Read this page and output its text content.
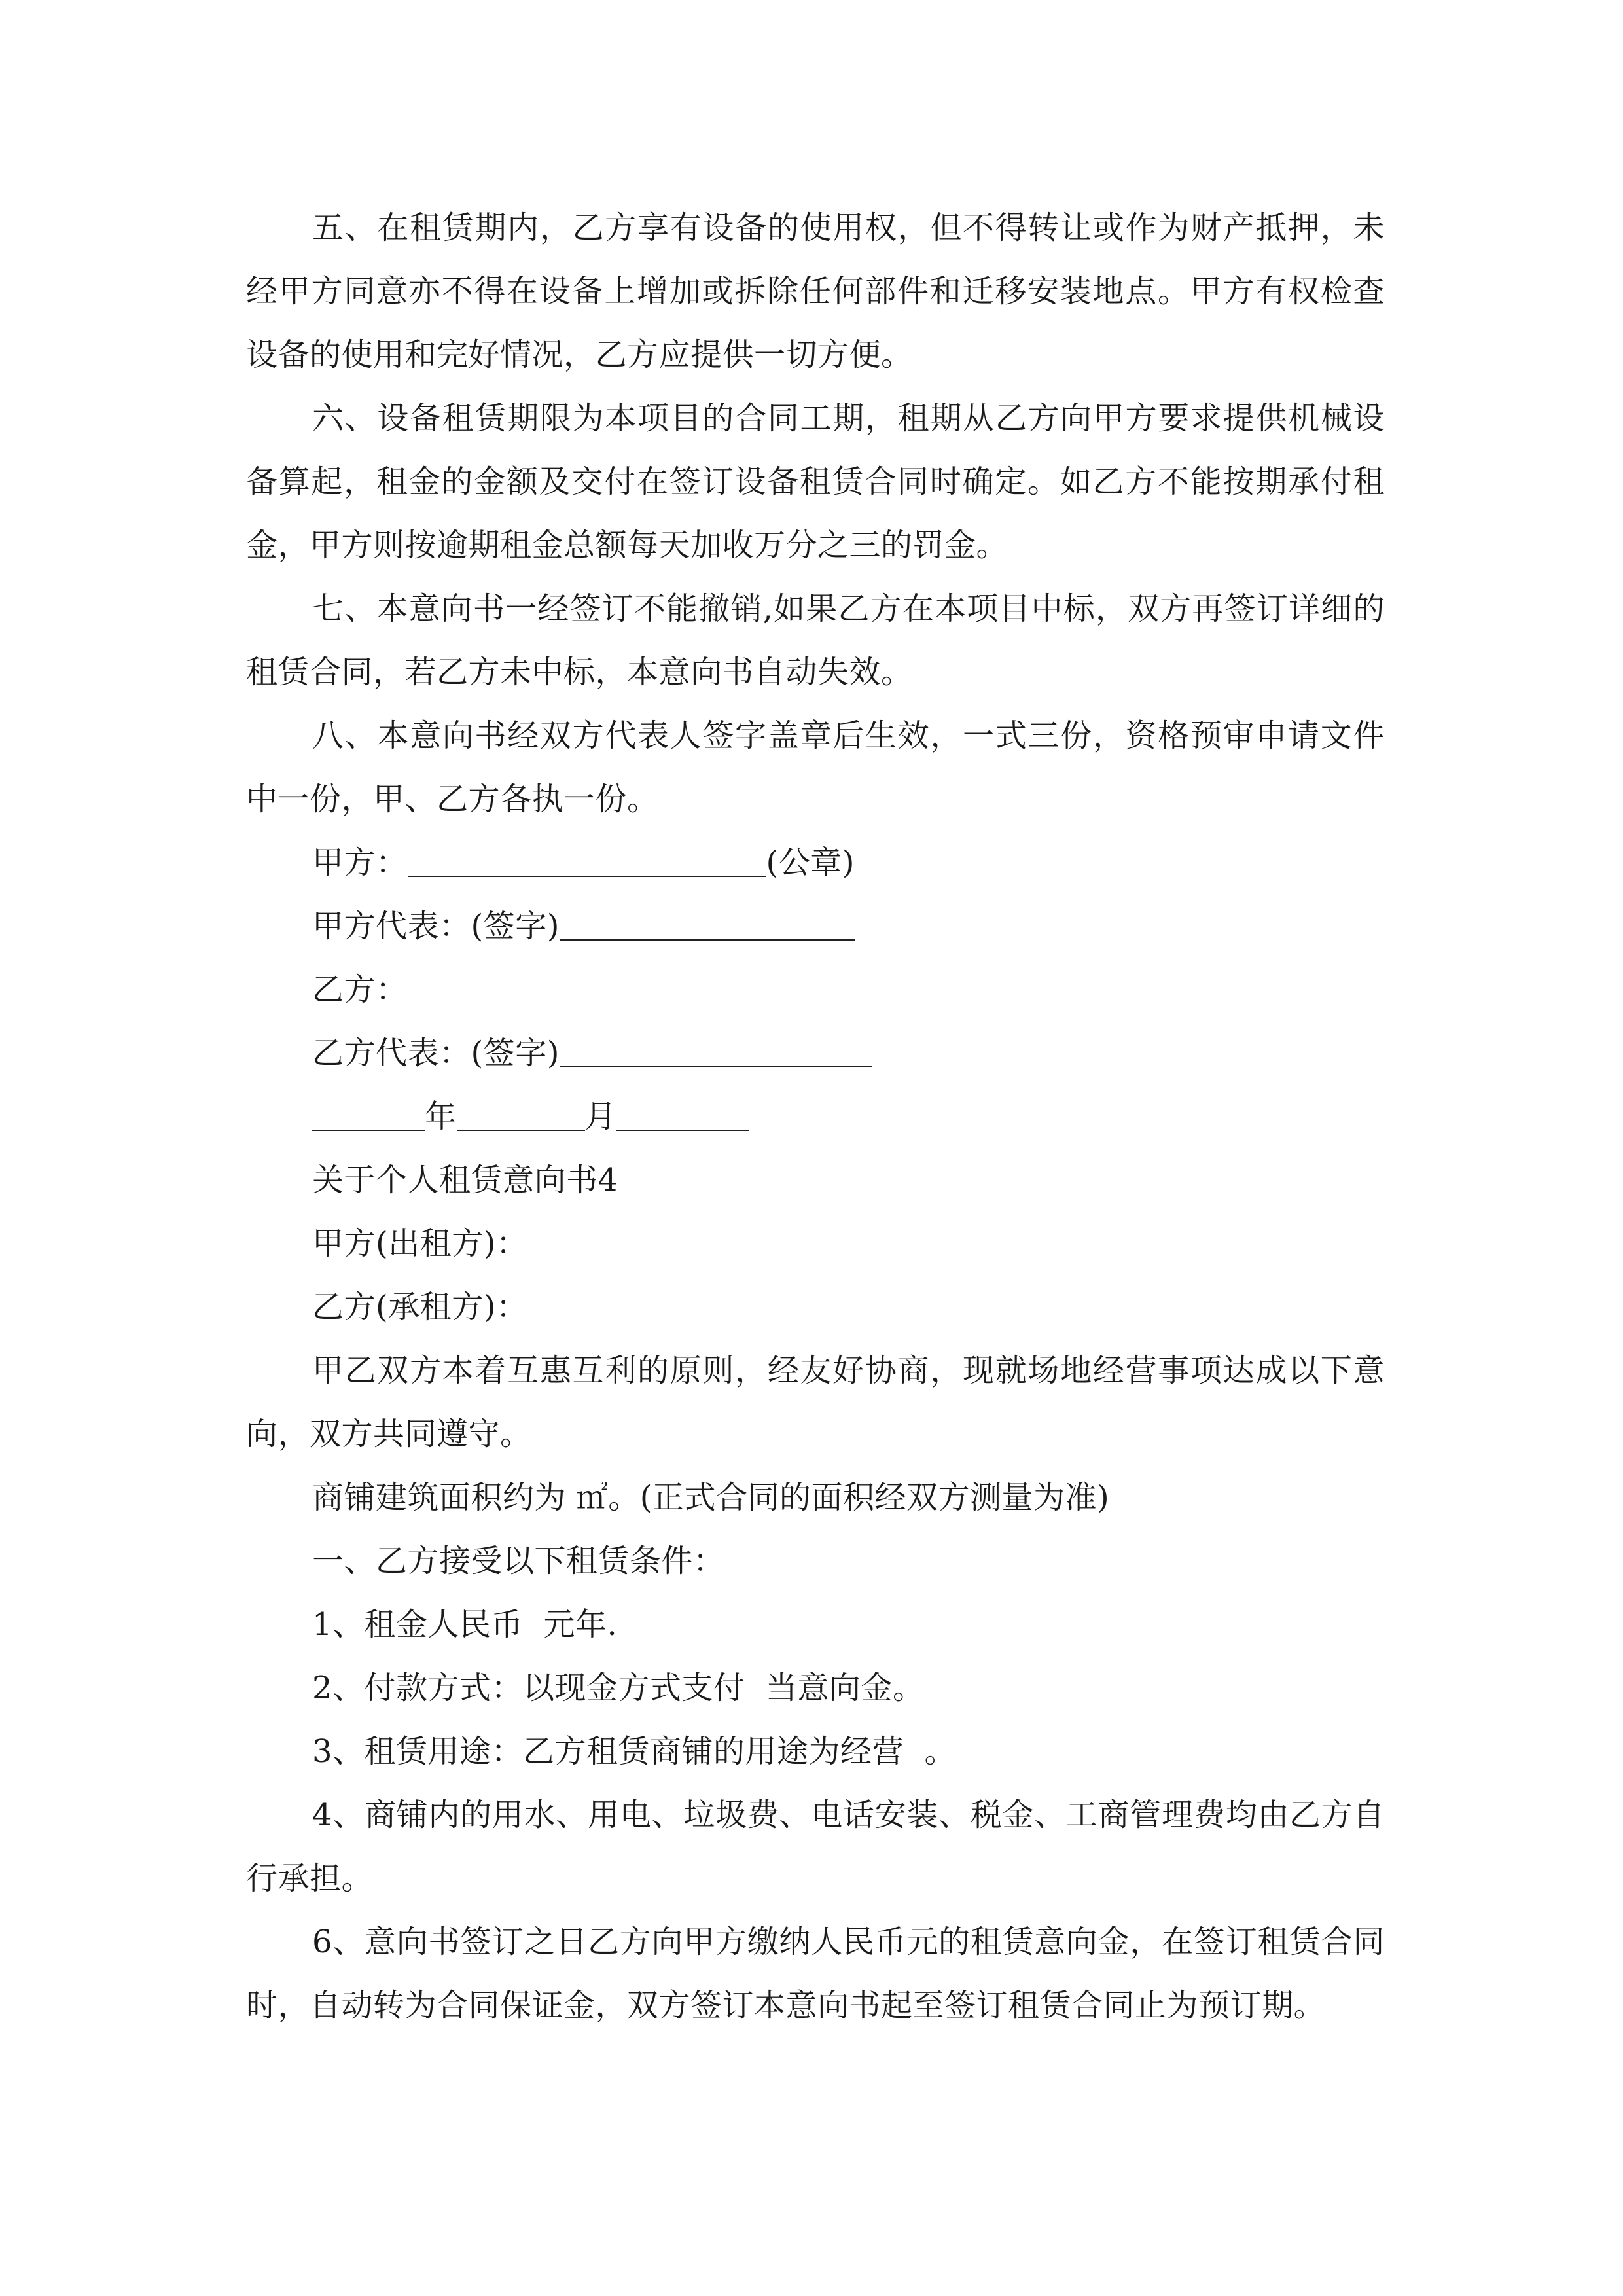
五、在租赁期内，乙方享有设备的使用权，但不得转让或作为财产抵押，未经甲方同意亦不得在设备上增加或拆除任何部件和迁移安装地点。甲方有权检查设备的使用和完好情况，乙方应提供一切方便。

六、设备租赁期限为本项目的合同工期，租期从乙方向甲方要求提供机械设备算起，租金的金额及交付在签订设备租赁合同时确定。如乙方不能按期承付租金，甲方则按逾期租金总额每天加收万分之三的罚金。

七、本意向书一经签订不能撤销,如果乙方在本项目中标，双方再签订详细的租赁合同，若乙方未中标，本意向书自动失效。

八、本意向书经双方代表人签字盖章后生效，一式三份，资格预审申请文件中一份，甲、乙方各执一份。

甲方：	(公章)
甲方代表：(签字)
乙方：
乙方代表：(签字)
年	月
关于个人租赁意向书4
甲方(出租方)：
乙方(承租方)：

甲乙双方本着互惠互利的原则，经友好协商，现就场地经营事项达成以下意向，双方共同遵守。

商铺建筑面积约为 ㎡。(正式合同的面积经双方测量为准)
一、乙方接受以下租赁条件：
1、租金人民币  元年.
2、付款方式：以现金方式支付  当意向金。
3、租赁用途：乙方租赁商铺的用途为经营  。

4、商铺内的用水、用电、垃圾费、电话安装、税金、工商管理费均由乙方自行承担。

6、意向书签订之日乙方向甲方缴纳人民币元的租赁意向金，在签订租赁合同时，自动转为合同保证金，双方签订本意向书起至签订租赁合同止为预订期。
